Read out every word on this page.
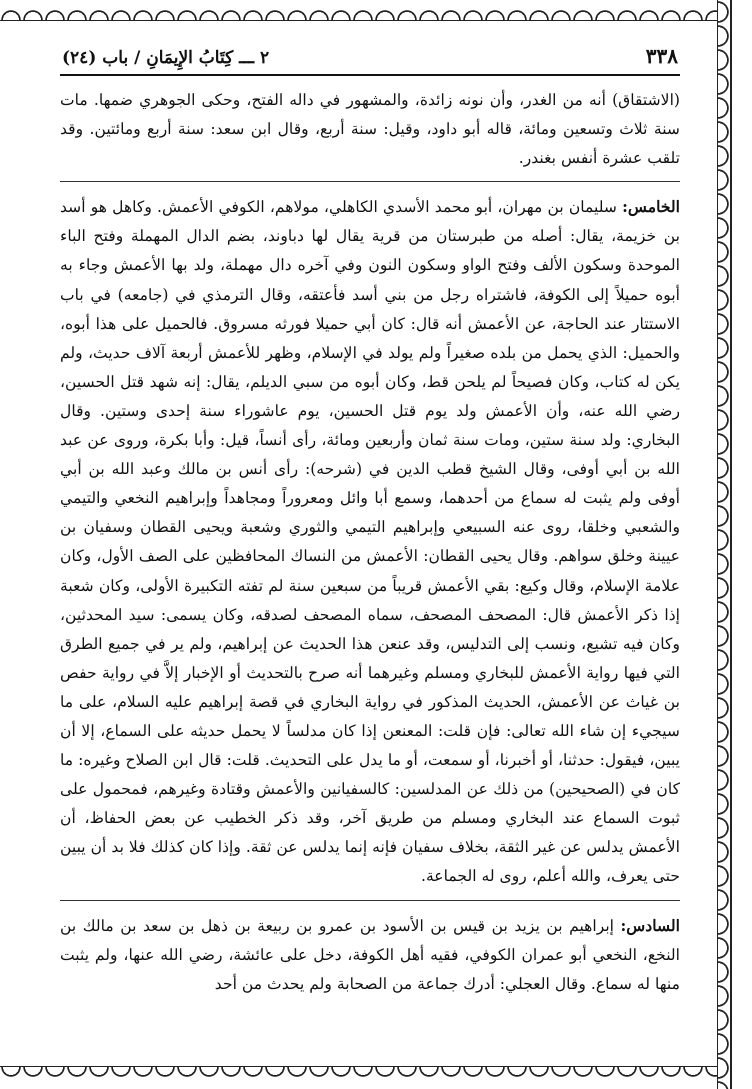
٣٣٨
٢ ـــ كِتَابُ الإِيمَانِ / باب (٢٤)

(الاشتقاق) أنه من الغدر، وأن نونه زائدة، والمشهور في داله الفتح، وحكى الجوهري ضمها. مات سنة ثلاث وتسعين ومائة، قاله أبو داود، وقيل: سنة أربع، وقال ابن سعد: سنة أربع ومائتين. وقد تلقب عشرة أنفس بغندر.

الخامس: سليمان بن مهران، أبو محمد الأسدي الكاهلي، مولاهم، الكوفي الأعمش. وكاهل هو أسد بن خزيمة، يقال: أصله من طبرستان من قرية يقال لها دباوند، بضم الدال المهملة وفتح الباء الموحدة وسكون الألف وفتح الواو وسكون النون وفي آخره دال مهملة، ولد بها الأعمش وجاء به أبوه حميلاً إلى الكوفة، فاشتراه رجل من بني أسد فأعتقه، وقال الترمذي في (جامعه) في باب الاستتار عند الحاجة، عن الأعمش أنه قال: كان أبي حميلا فورثه مسروق. فالحميل على هذا أبوه، والحميل: الذي يحمل من بلده صغيراً ولم يولد في الإسلام، وظهر للأعمش أربعة آلاف حديث، ولم يكن له كتاب، وكان فصيحاً لم يلحن قط، وكان أبوه من سبي الديلم، يقال: إنه شهد قتل الحسين، رضي الله عنه، وأن الأعمش ولد يوم قتل الحسين، يوم عاشوراء سنة إحدى وستين. وقال البخاري: ولد سنة ستين، ومات سنة ثمان وأربعين ومائة، رأى أنساً، قيل: وأبا بكرة، وروى عن عبد الله بن أبي أوفى، وقال الشيخ قطب الدين في (شرحه): رأى أنس بن مالك وعبد الله بن أبي أوفى ولم يثبت له سماع من أحدهما، وسمع أبا وائل ومعروراً ومجاهداً وإبراهيم النخعي والتيمي والشعبي وخلقا، روى عنه السبيعي وإبراهيم التيمي والثوري وشعبة ويحيى القطان وسفيان بن عيينة وخلق سواهم. وقال يحيى القطان: الأعمش من النساك المحافظين على الصف الأول، وكان علامة الإسلام، وقال وكيع: بقي الأعمش قريباً من سبعين سنة لم تفته التكبيرة الأولى، وكان شعبة إذا ذكر الأعمش قال: المصحف المصحف، سماه المصحف لصدقه، وكان يسمى: سيد المحدثين، وكان فيه تشيع، ونسب إلى التدليس، وقد عنعن هذا الحديث عن إبراهيم، ولم ير في جميع الطرق التي فيها رواية الأعمش للبخاري ومسلم وغيرهما أنه صرح بالتحديث أو الإخبار إلاَّ في رواية حفص بن غياث عن الأعمش، الحديث المذكور في رواية البخاري في قصة إبراهيم عليه السلام، على ما سيجيء إن شاء الله تعالى: فإن قلت: المعنعن إذا كان مدلساً لا يحمل حديثه على السماع، إلا أن يبين، فيقول: حدثنا، أو أخبرنا، أو سمعت، أو ما يدل على التحديث. قلت: قال ابن الصلاح وغيره: ما كان في (الصحيحين) من ذلك عن المدلسين: كالسفيانين والأعمش وقتادة وغيرهم، فمحمول على ثبوت السماع عند البخاري ومسلم من طريق آخر، وقد ذكر الخطيب عن بعض الحفاظ، أن الأعمش يدلس عن غير الثقة، بخلاف سفيان فإنه إنما يدلس عن ثقة. وإذا كان كذلك فلا بد أن يبين حتى يعرف، والله أعلم، روى له الجماعة.

السادس: إبراهيم بن يزيد بن قيس بن الأسود بن عمرو بن ربيعة بن ذهل بن سعد بن مالك بن النخع، النخعي أبو عمران الكوفي، فقيه أهل الكوفة، دخل على عائشة، رضي الله عنها، ولم يثبت منها له سماع. وقال العجلي: أدرك جماعة من الصحابة ولم يحدث من أحد
